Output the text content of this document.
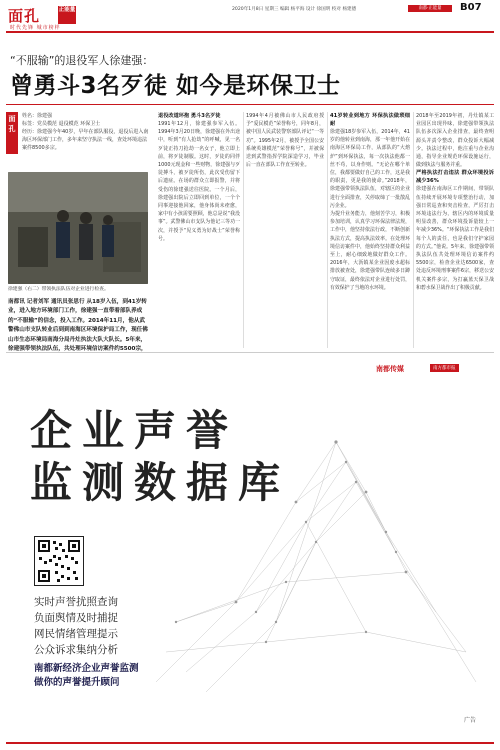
面孔	正能量
时代先锋 城市榜样
2020年1月8日 星期三 编辑 杨平海 设计 徐国明 校对 杨建德	南都·正能量	B07
“不服输”的退役军人徐建强：
曾勇斗3名歹徒 如今是环保卫士
面孔
姓名：徐建强
标签：党员模范 退役模范 环保卫士
经历：徐建强今年40岁，早年在部队服役，退役后进入南海区环保部门工作，多年来坚守执法一线，查处环境违法案件8500多宗。
徐建强（右二）带领执法队伍对企业进行检查。
南都讯 记者刘军 通讯员张思行 从18岁入伍，到41岁转业，进入地方环境部门工作，徐建强一直带着部队养成的“不服输”的信念，投入工作。2014年11月，他从武警佛山市支队转业后到到南海区环境保护局工作，现任佛山市生态环境局南海分局丹灶执法大队大队长。5年来，徐建强带领执法队伍，共处理环境信访案件约5500宗，
退役改道环抱 勇斗3名歹徒
1991年12月，徐建强参军入伍。1994年3月20日晚，徐建强在外出途中，听到“有人抢劫”的呼喊，见一名歹徒正持刀抢劫一名女子，他立即上前，将歹徒制服。这时，歹徒的同伴1000元现金和一些财物，徐建强与歹徒搏斗，被歹徒所伤，此次受伤留下后遗症。在场的群众立即报警，并将受伤的徐建强送往医院。一个月后，徐建强出院后立即回到单位，一个个同事迎接他回家，他身体尚未痊愈，家中有小孩需要照顾，他总是说“我没事”。武警佛山市支队为他记三等功一次，并授予“见义勇为好战士”荣誉称号。
1994年4月被佛山市人民政府授予“爱民模范”荣誉称号，同年8月，被中国人民武装警察部队评记“一等功”。1995年2月，被授予全国公安系统英雄模范“荣誉称号”，并被保送到武警指挥学院深造学习，毕业后一直在部队工作直至转业。
41岁转业到地方 环保执法做琐细耐
徐建强18岁参军入伍，2014年，41岁的他转业到南海，那一年他开始在南海区环保局工作，从部队的“大熔炉”到环保执法，每一次执法他都一丝不苟，以身作则。“无论在哪个单位，我都要做好自己的工作，这是我的职责，更是我的使命。”2018年，徐建强带领执法队伍，对辖区的企业进行全面排查，关停取缔了一批散乱污企业。
为提升业务能力，他刻苦学习，积极参加培训，认真学习环保法律法规，工作中，他坚持依法行政，不断创新执法方式，提高执法效率。在处理环境信访案件中，他始终坚持群众利益至上，耐心细致地做好群众工作。2016年，大沥镇某企业因废水超标排放被查处，徐建强带队连续多日蹲守取证，最终依法对企业进行处罚，有效保护了当地的水环境。
2018年至2019年初，丹灶镇某工业园区出现异味，徐建强带领执法队伍多次深入企业排查，最终查明源头并责令整改，群众投诉大幅减少。执法过程中，他注重与企业沟通，指导企业规范环保设施运行，做到执法与服务并重。
严格执法打击违法 群众环境投诉减少36%
徐建强在南海区工作期间，带领队伍持续开展环境专项整治行动，加强日常巡查和突击检查，严厉打击环境违法行为，辖区内的环境质量明显改善，群众环境投诉量较上一年减少36%。“环保执法工作是我们每个人的责任，也是我们守护家园的方式。”他说。5年来，徐建强带领执法队伍共处理环境信访案件约5500宗，检查企业达6500家，查处违反环境刑事案件6宗，移送公安机关案件多宗，为打赢蓝天保卫战和碧水保卫战作出了积极贡献。
南都传媒	南方都市报
企业声誉
监测数据库
实时声誉扰照查询
负面舆情及时捕捉
网民情绪管理提示
公众诉求集纳分析
南都新经济企业声誉监测
做你的声誉提升顾问
广告
